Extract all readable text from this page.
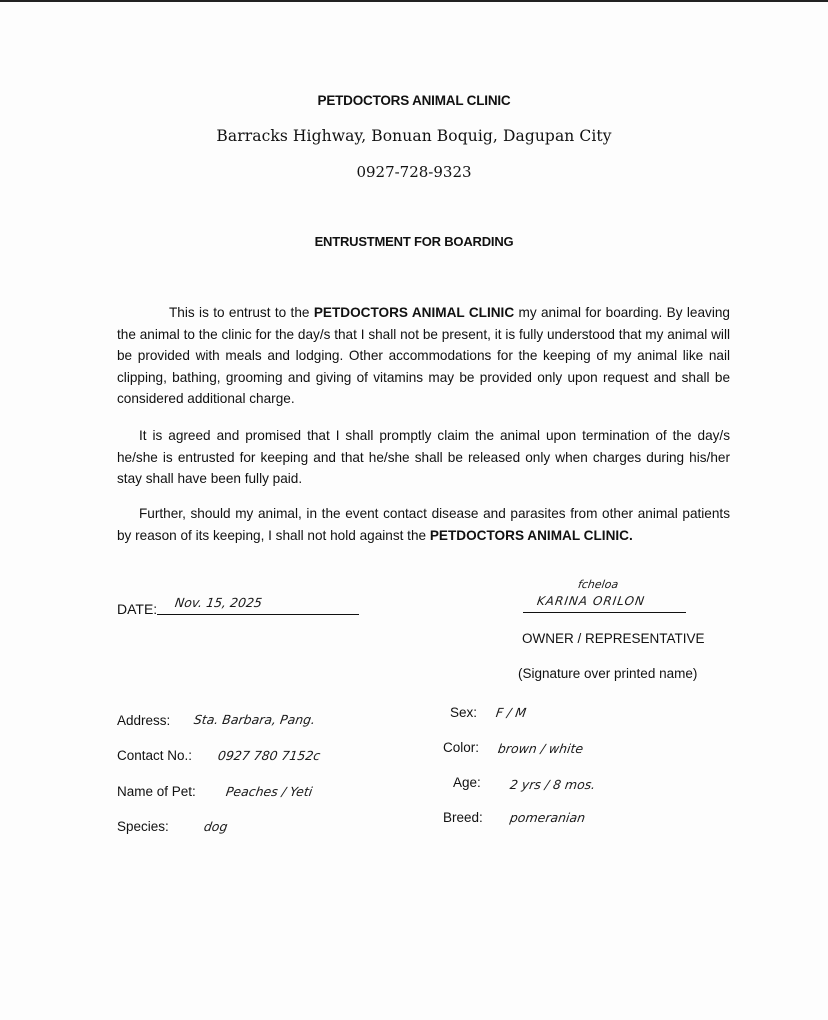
PETDOCTORS ANIMAL CLINIC
Barracks Highway, Bonuan Boquig, Dagupan City
0927-728-9323
ENTRUSTMENT FOR BOARDING
This is to entrust to the PETDOCTORS ANIMAL CLINIC my animal for boarding. By leaving the animal to the clinic for the day/s that I shall not be present, it is fully understood that my animal will be provided with meals and lodging. Other accommodations for the keeping of my animal like nail clipping, bathing, grooming and giving of vitamins may be provided only upon request and shall be considered additional charge.
It is agreed and promised that I shall promptly claim the animal upon termination of the day/s he/she is entrusted for keeping and that he/she shall be released only when charges during his/her stay shall have been fully paid.
Further, should my animal, in the event contact disease and parasites from other animal patients by reason of its keeping, I shall not hold against the PETDOCTORS ANIMAL CLINIC.
DATE: Nov. 15, 2025
fcheloa
KARINA ORILON
OWNER / REPRESENTATIVE
(Signature over printed name)
Address: Sta. Barbara, Pang.
Contact No.: 0927 780 7152c
Name of Pet: Peaches / Yeti
Species:	dog
Sex: F / M
Color: brown / white
Age: 2 yrs / 8 mos.
Breed: pomeranian
